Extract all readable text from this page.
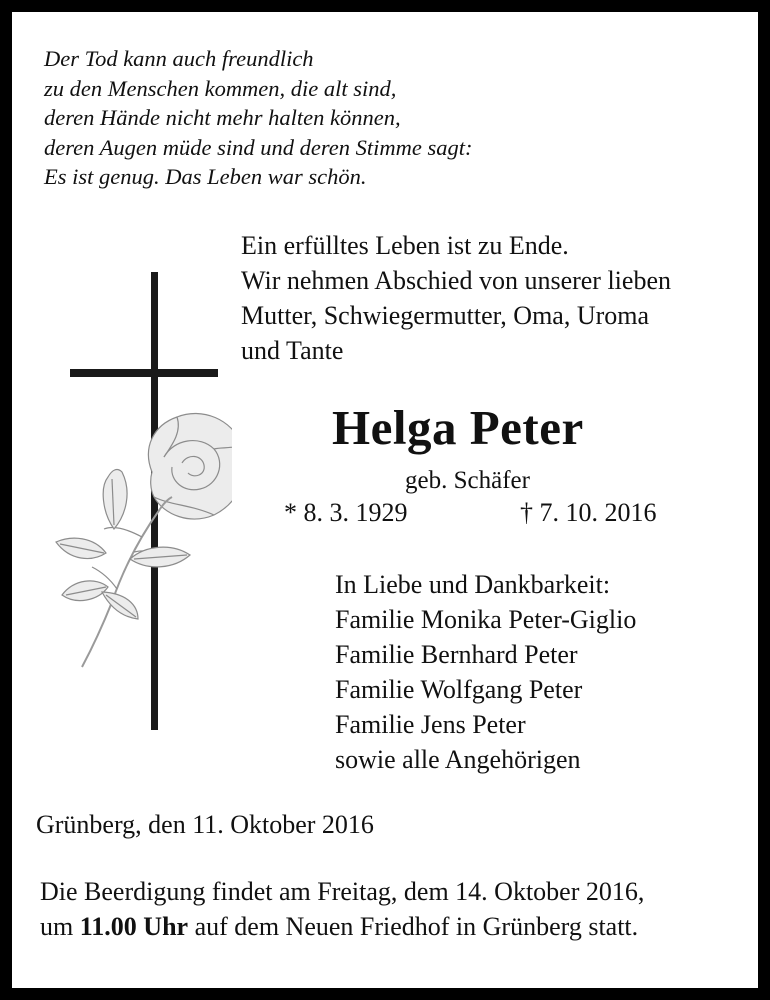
Der Tod kann auch freundlich
zu den Menschen kommen, die alt sind,
deren Hände nicht mehr halten können,
deren Augen müde sind und deren Stimme sagt:
Es ist genug. Das Leben war schön.
Ein erfülltes Leben ist zu Ende.
Wir nehmen Abschied von unserer lieben
Mutter, Schwiegermutter, Oma, Uroma
und Tante
Helga Peter
geb. Schäfer
* 8. 3. 1929	† 7. 10. 2016
In Liebe und Dankbarkeit:
Familie Monika Peter-Giglio
Familie Bernhard Peter
Familie Wolfgang Peter
Familie Jens Peter
sowie alle Angehörigen
Grünberg, den 11. Oktober 2016
Die Beerdigung findet am Freitag, dem 14. Oktober 2016,
um 11.00 Uhr auf dem Neuen Friedhof in Grünberg statt.
